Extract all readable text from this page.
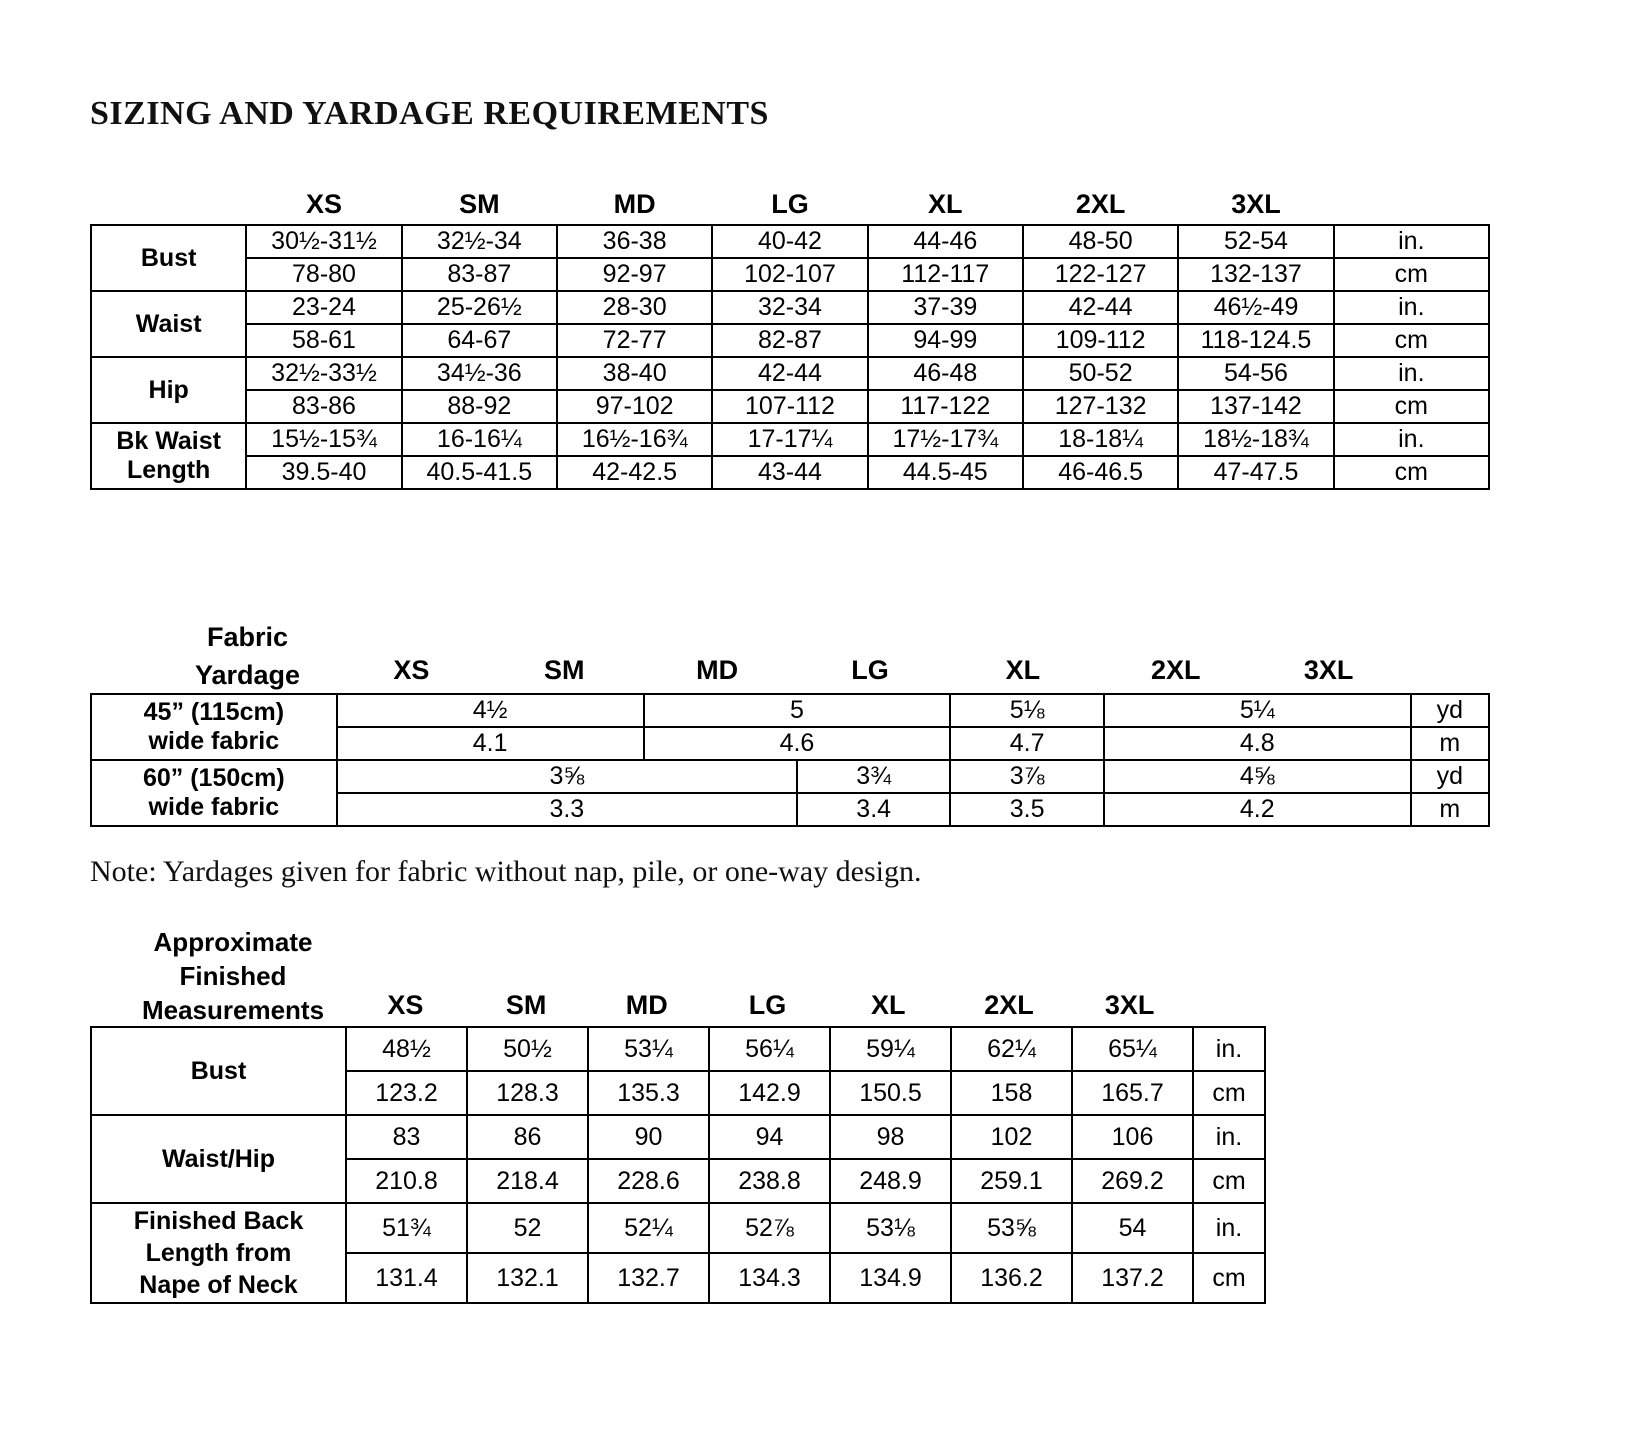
SIZING AND YARDAGE REQUIREMENTS
	XS	SM	MD	LG	XL	2XL	3XL	
Bust	30½-31½	32½-34	36-38	40-42	44-46	48-50	52-54	in.
	78-80	83-87	92-97	102-107	112-117	122-127	132-137	cm
Waist	23-24	25-26½	28-30	32-34	37-39	42-44	46½-49	in.
	58-61	64-67	72-77	82-87	94-99	109-112	118-124.5	cm
Hip	32½-33½	34½-36	38-40	42-44	46-48	50-52	54-56	in.
	83-86	88-92	97-102	107-112	117-122	127-132	137-142	cm

Bk Waist
Length	15½-15¾	16-16¼	16½-16¾	17-17¼	17½-17¾	18-18¼	18½-18¾	in.
	39.5-40	40.5-41.5	42-42.5	43-44	44.5-45	46-46.5	47-47.5	cm
Fabric
Yardage	XS	SM	MD	LG	XL	2XL	3XL
45” (115cm)
wide fabric	4½	5		5⅛	5¼	yd
	4.1	4.6		4.7	4.8	m

60” (150cm)
wide fabric	3⅝		3¾	3⅞	4⅝	yd
	3.3		3.4	3.5	4.2	m
Note: Yardages given for fabric without nap, pile, or one-way design.
Approximate
Finished
Measurements	XS	SM	MD	LG	XL	2XL	3XL
Bust	48½	50½	53¼	56¼	59¼	62¼	65¼	in.
	123.2	128.3	135.3	142.9	150.5	158	165.7	cm
Waist/Hip	83	86	90	94	98	102	106	in.
	210.8	218.4	228.6	238.8	248.9	259.1	269.2	cm

Finished Back
Length from
Nape of Neck	51¾	52	52¼	52⅞	53⅛	53⅝	54	in.
	131.4	132.1	132.7	134.3	134.9	136.2	137.2	cm
